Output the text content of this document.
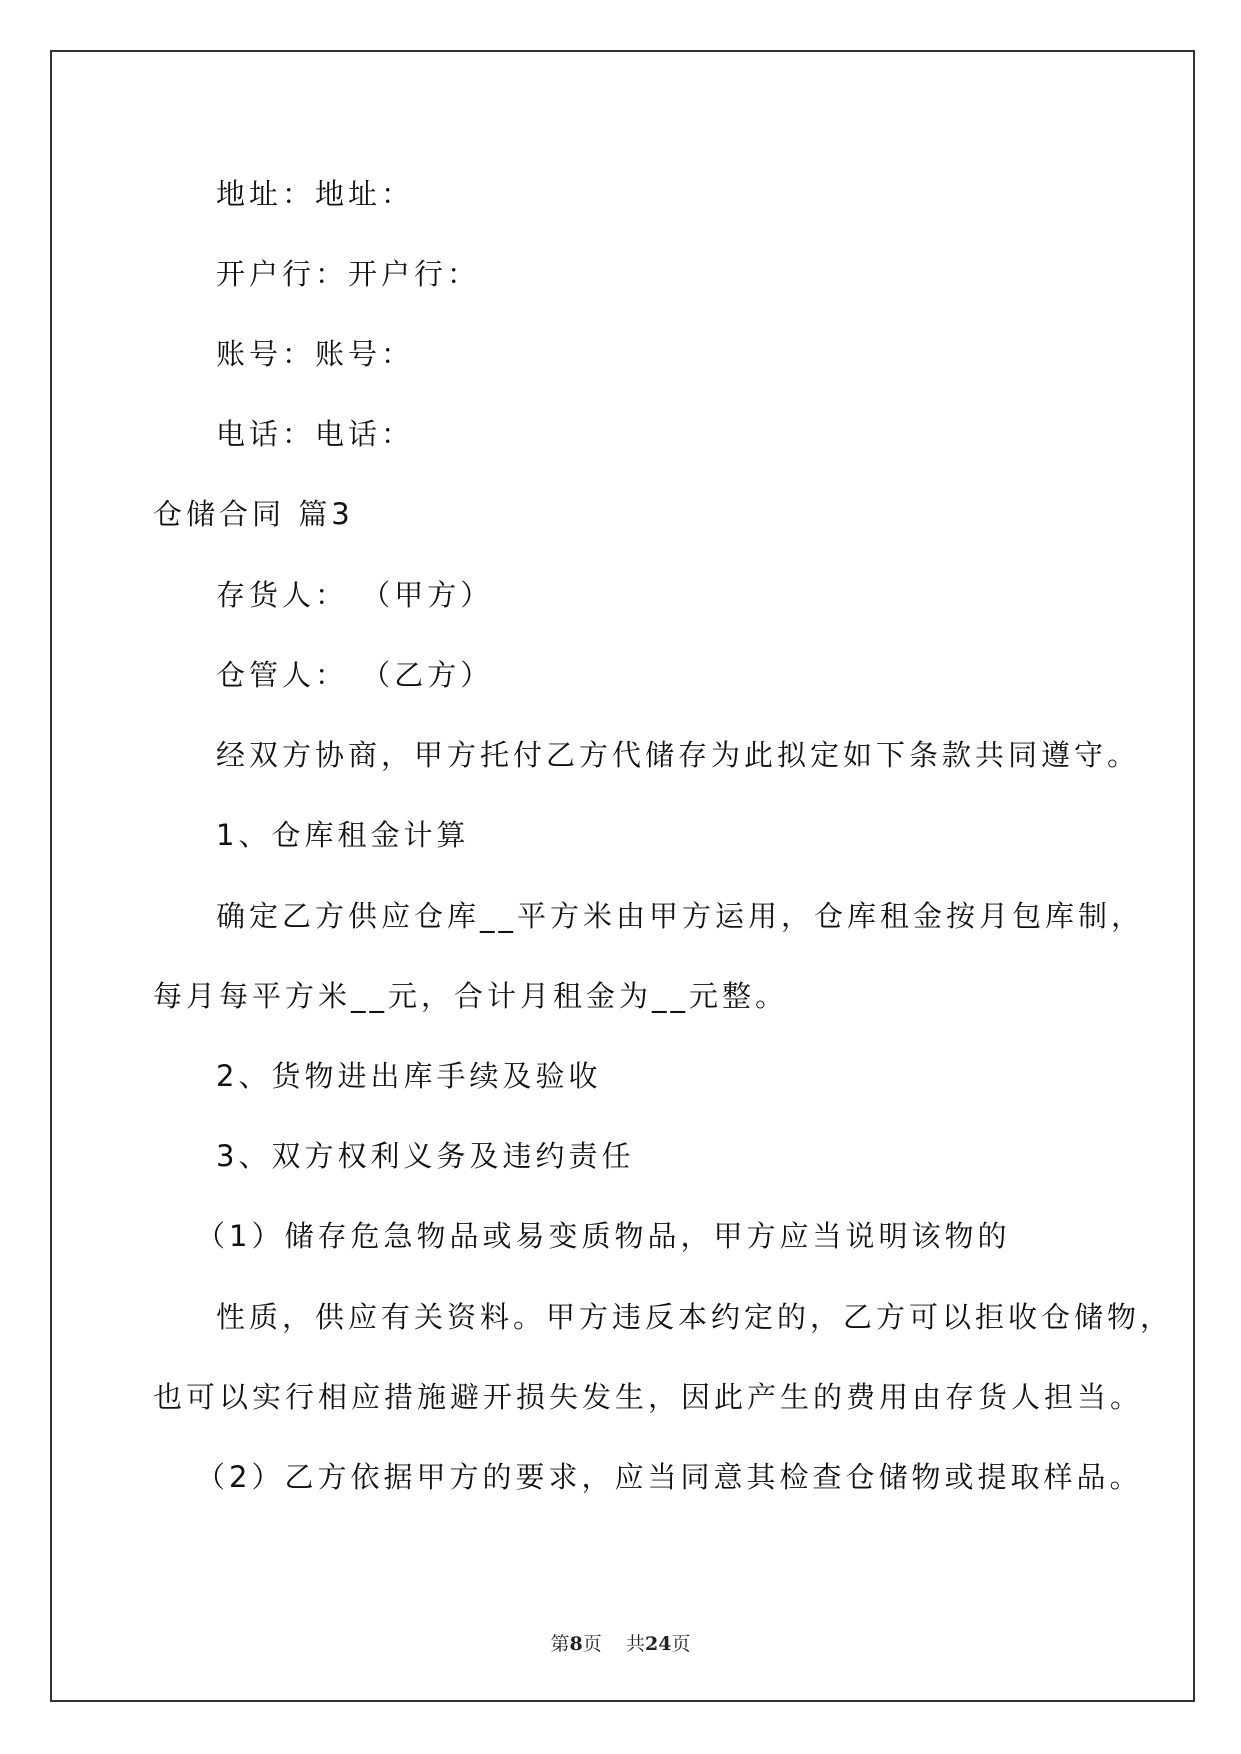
地址：地址：
开户行：开户行：
账号：账号：
电话：电话：
仓储合同 篇3
存货人： （甲方）
仓管人： （乙方）
经双方协商，甲方托付乙方代储存为此拟定如下条款共同遵守。
1、仓库租金计算
确定乙方供应仓库__平方米由甲方运用，仓库租金按月包库制，
每月每平方米__元，合计月租金为__元整。
2、货物进出库手续及验收
3、双方权利义务及违约责任
（1）储存危急物品或易变质物品，甲方应当说明该物的
性质，供应有关资料。甲方违反本约定的，乙方可以拒收仓储物，
也可以实行相应措施避开损失发生，因此产生的费用由存货人担当。
（2）乙方依据甲方的要求，应当同意其检查仓储物或提取样品。
第8页 共24页
